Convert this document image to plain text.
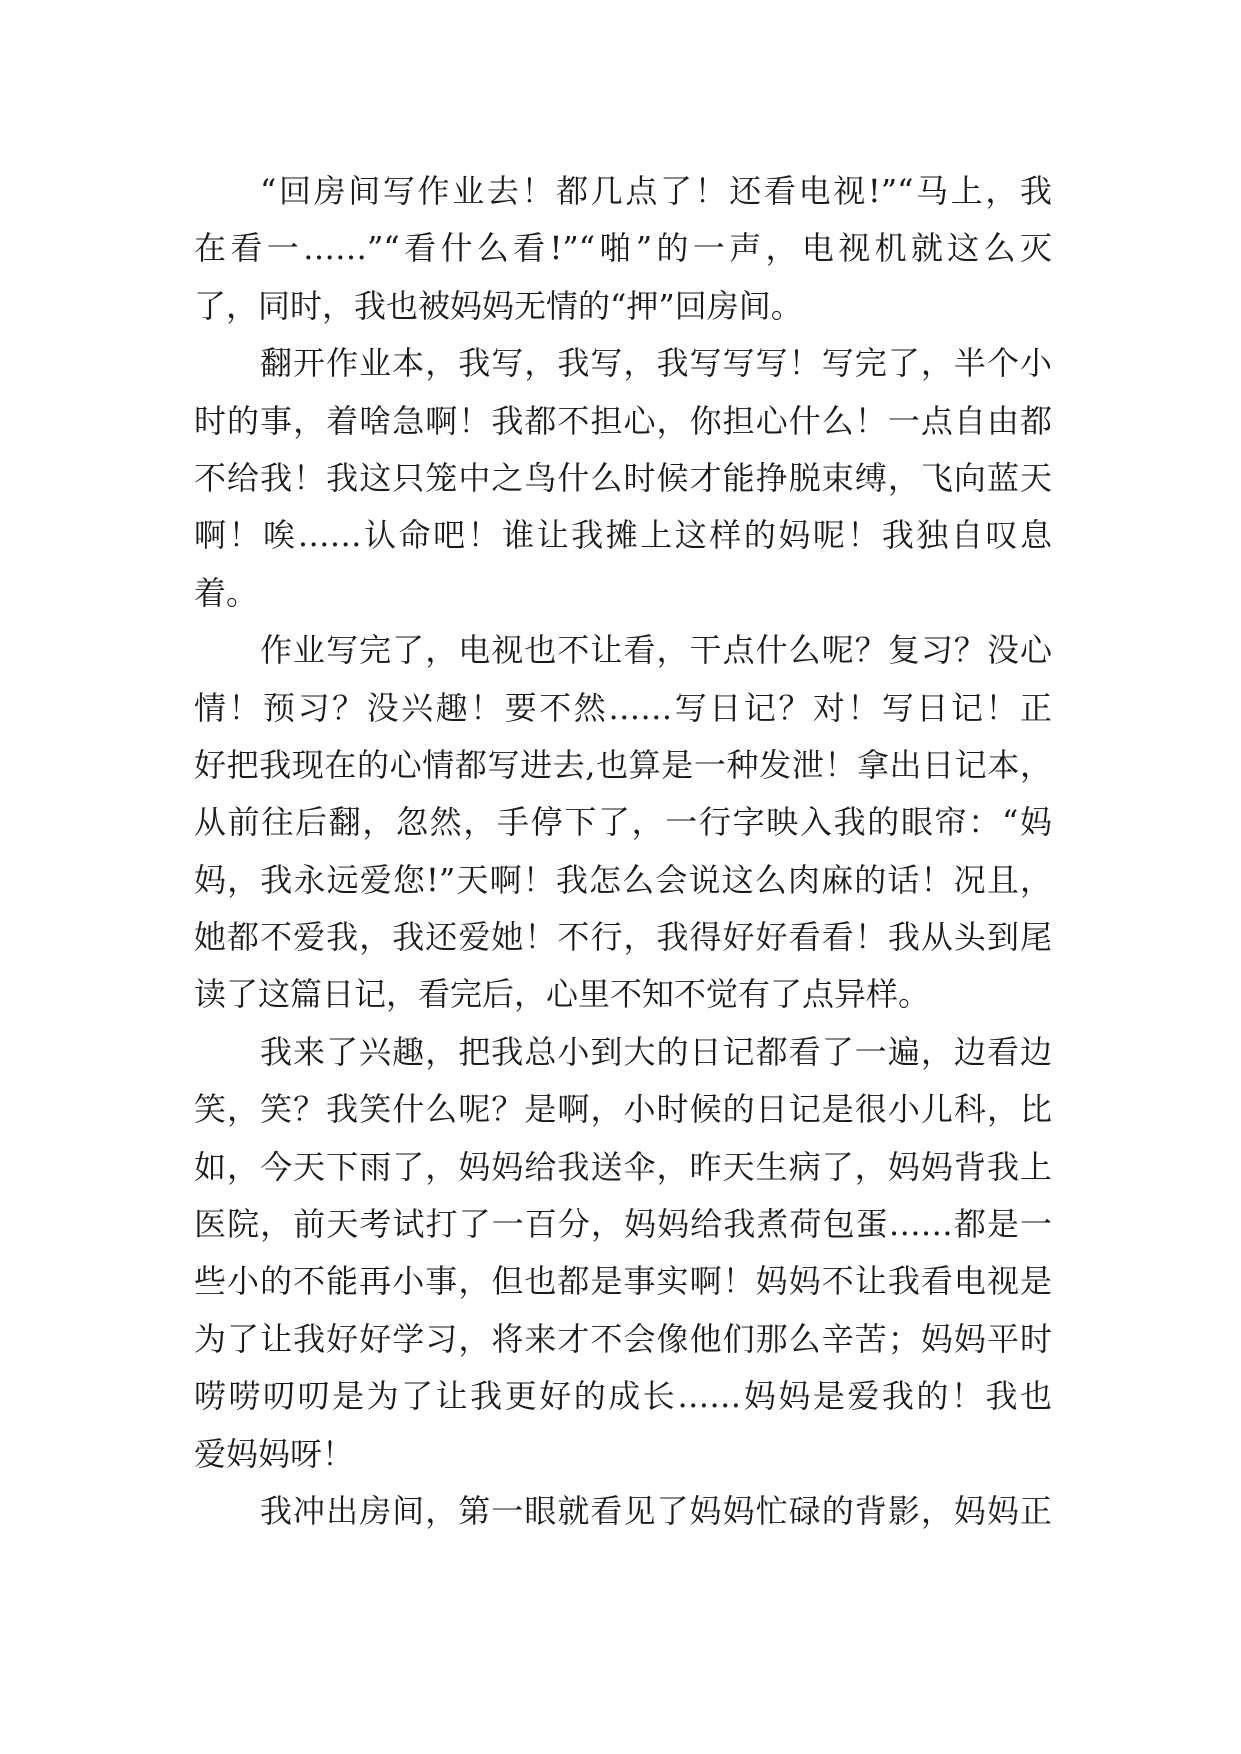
“回房间写作业去！都几点了！还看电视!”“马上，我
在看一……”“看什么看!”“啪”的一声，电视机就这么灭
了，同时，我也被妈妈无情的“押”回房间。
翻开作业本，我写，我写，我写写写！写完了，半个小
时的事，着啥急啊！我都不担心，你担心什么！一点自由都
不给我！我这只笼中之鸟什么时候才能挣脱束缚，飞向蓝天
啊！唉……认命吧！谁让我摊上这样的妈呢！我独自叹息
着。
作业写完了，电视也不让看，干点什么呢？复习？没心
情！预习？没兴趣！要不然……写日记？对！写日记！正
好把我现在的心情都写进去,也算是一种发泄！拿出日记本，
从前往后翻，忽然，手停下了，一行字映入我的眼帘：“妈
妈，我永远爱您!”天啊！我怎么会说这么肉麻的话！况且，
她都不爱我，我还爱她！不行，我得好好看看！我从头到尾
读了这篇日记，看完后，心里不知不觉有了点异样。
我来了兴趣，把我总小到大的日记都看了一遍，边看边
笑，笑？我笑什么呢？是啊，小时候的日记是很小儿科，比
如，今天下雨了，妈妈给我送伞，昨天生病了，妈妈背我上
医院，前天考试打了一百分，妈妈给我煮荷包蛋……都是一
些小的不能再小事，但也都是事实啊！妈妈不让我看电视是
为了让我好好学习，将来才不会像他们那么辛苦；妈妈平时
唠唠叨叨是为了让我更好的成长……妈妈是爱我的！我也
爱妈妈呀！
我冲出房间，第一眼就看见了妈妈忙碌的背影，妈妈正
